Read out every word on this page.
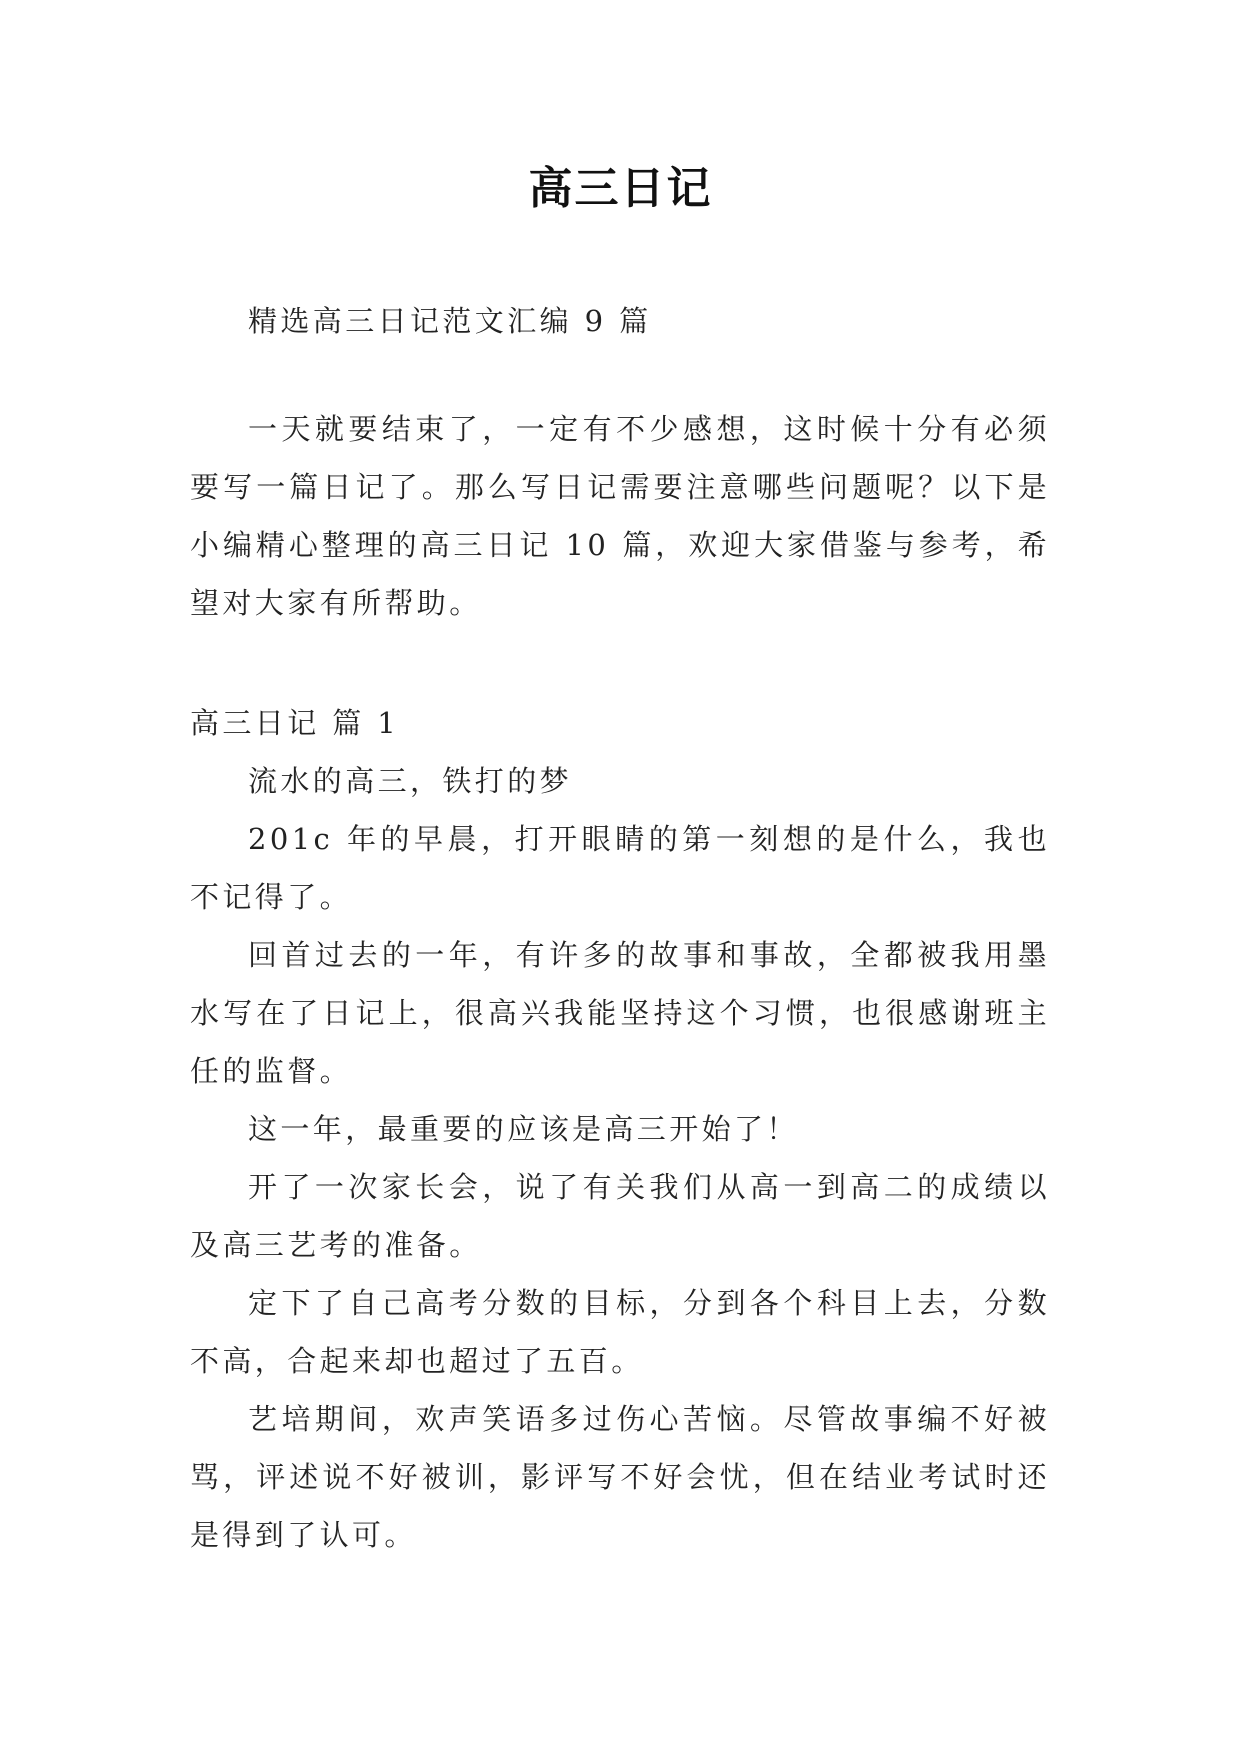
高三日记

精选高三日记范文汇编 9 篇

一天就要结束了，一定有不少感想，这时候十分有必须要写一篇日记了。那么写日记需要注意哪些问题呢？以下是小编精心整理的高三日记 10 篇，欢迎大家借鉴与参考，希望对大家有所帮助。

高三日记 篇 1

流水的高三，铁打的梦

201c 年的早晨，打开眼睛的第一刻想的是什么，我也不记得了。

回首过去的一年，有许多的故事和事故，全都被我用墨水写在了日记上，很高兴我能坚持这个习惯，也很感谢班主任的监督。

这一年，最重要的应该是高三开始了！

开了一次家长会，说了有关我们从高一到高二的成绩以及高三艺考的准备。

定下了自己高考分数的目标，分到各个科目上去，分数不高，合起来却也超过了五百。

艺培期间，欢声笑语多过伤心苦恼。尽管故事编不好被骂，评述说不好被训，影评写不好会忧，但在结业考试时还是得到了认可。
